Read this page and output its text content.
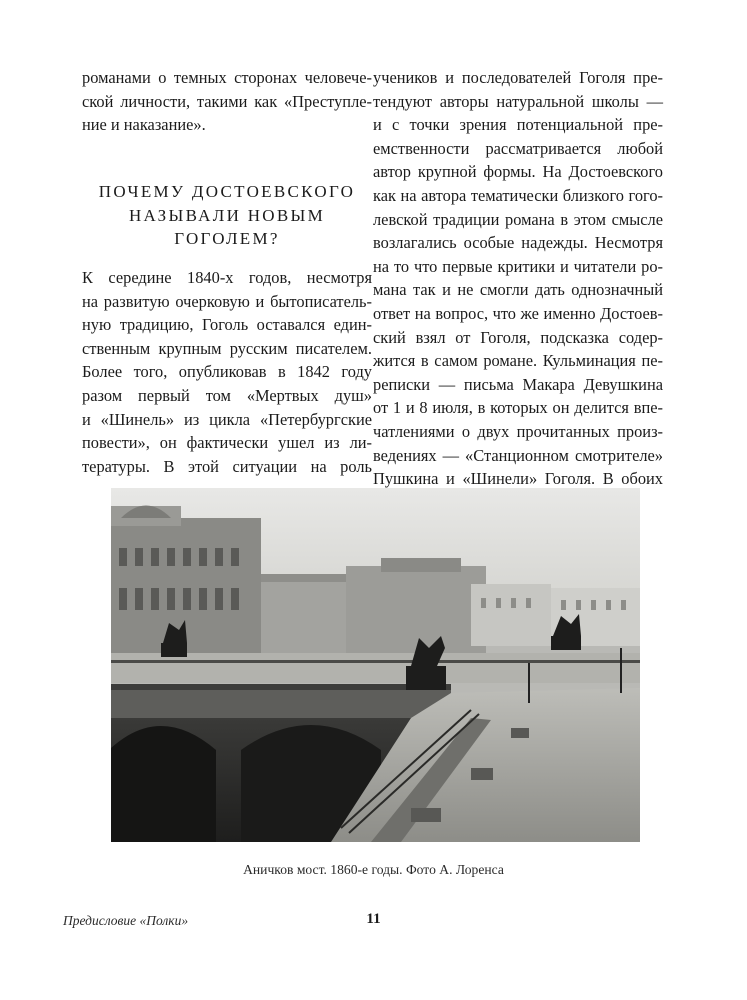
романами о темных сторонах человече-
ской личности, такими как «Преступле-
ние и наказание».
ПОЧЕМУ ДОСТОЕВСКОГО
НАЗЫВАЛИ НОВЫМ
ГОГОЛЕМ?
К середине 1840-х годов, несмотря
на развитую очерковую и бытописатель-
ную традицию, Гоголь оставался един-
ственным крупным русским писателем.
Более того, опубликовав в 1842 году
разом первый том «Мертвых душ»
и «Шинель» из цикла «Петербургские
повести», он фактически ушел из ли-
тературы. В этой ситуации на роль
учеников и последователей Гоголя пре-
тендуют авторы натуральной школы —
и с точки зрения потенциальной пре-
емственности рассматривается любой
автор крупной формы. На Достоевского
как на автора тематически близкого гого-
левской традиции романа в этом смысле
возлагались особые надежды. Несмотря
на то что первые критики и читатели ро-
мана так и не смогли дать однозначный
ответ на вопрос, что же именно Достоев-
ский взял от Гоголя, подсказка содер-
жится в самом романе. Кульминация пе-
реписки — письма Макара Девушкина
от 1 и 8 июля, в которых он делится впе-
чатлениями о двух прочитанных произ-
ведениях — «Станционном смотрителе»
Пушкина и «Шинели» Гоголя. В обоих
Аничков мост. 1860-е годы. Фото А. Лоренса
Предисловие «Полки»	11
